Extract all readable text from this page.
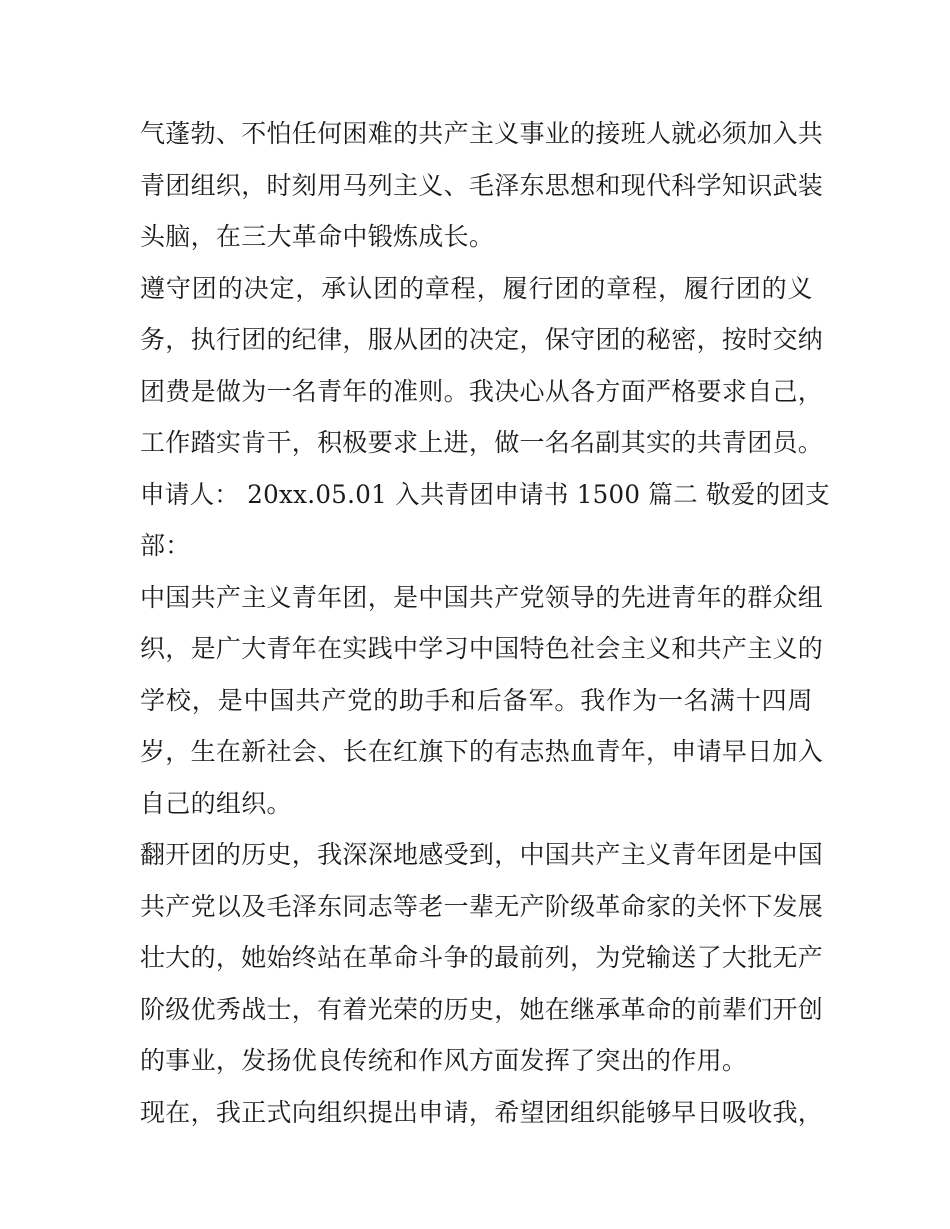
气蓬勃、不怕任何困难的共产主义事业的接班人就必须加入共
青团组织，时刻用马列主义、毛泽东思想和现代科学知识武装
头脑，在三大革命中锻炼成长。
遵守团的决定，承认团的章程，履行团的章程，履行团的义
务，执行团的纪律，服从团的决定，保守团的秘密，按时交纳
团费是做为一名青年的准则。我决心从各方面严格要求自己，
工作踏实肯干，积极要求上进，做一名名副其实的共青团员。
申请人： 20xx.05.01 入共青团申请书 1500 篇二 敬爱的团支
部：
中国共产主义青年团，是中国共产党领导的先进青年的群众组
织，是广大青年在实践中学习中国特色社会主义和共产主义的
学校，是中国共产党的助手和后备军。我作为一名满十四周
岁，生在新社会、长在红旗下的有志热血青年，申请早日加入
自己的组织。
翻开团的历史，我深深地感受到，中国共产主义青年团是中国
共产党以及毛泽东同志等老一辈无产阶级革命家的关怀下发展
壮大的，她始终站在革命斗争的最前列，为党输送了大批无产
阶级优秀战士，有着光荣的历史，她在继承革命的前辈们开创
的事业，发扬优良传统和作风方面发挥了突出的作用。
现在，我正式向组织提出申请，希望团组织能够早日吸收我，
